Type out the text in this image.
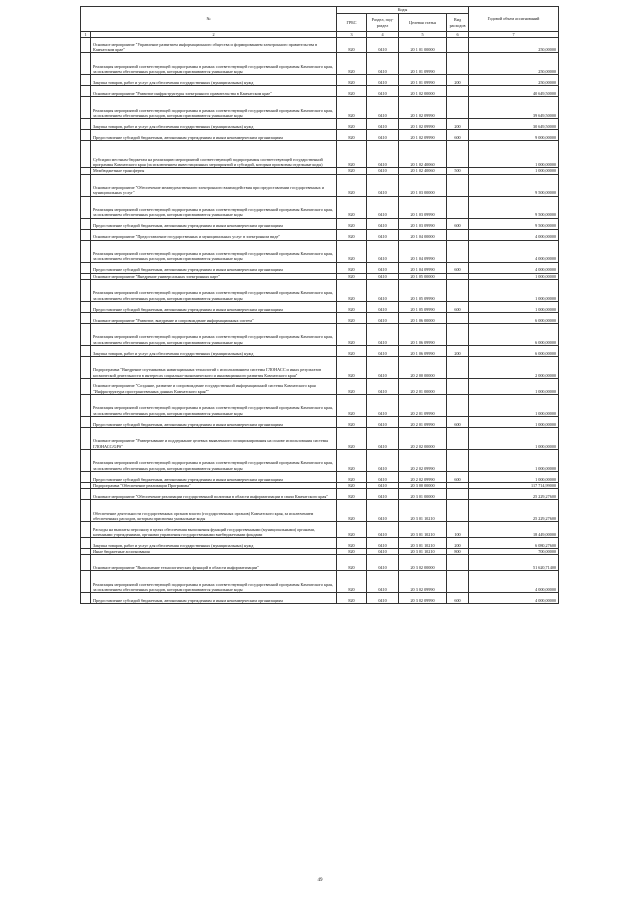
№		Коды				Годовой объем ассигнований
		ГРБС	Раздел, под-раздел	Целевая статья	Вид расходов	
1	2	3	4	5	6	7
	Основное мероприятие "Управление развитием информационного общества и формированием электронного правительства в Камчатском крае"	820	0410	20 1 01 00000		250,00000
	Реализация мероприятий соответствующей подпрограммы в рамках соответствующей государственной программы Камчатского края, за исключением обеспеченных расходов, которым присваиваются уникальные коды	820	0410	20 1 01 09990		250,00000
	Закупка товаров, работ и услуг для обеспечения государственных (муниципальных) нужд	820	0410	20 1 01 09990	200	250,00000
	Основное мероприятие "Развитие инфраструктуры электронного правительства в Камчатском крае"	820	0410	20 1 02 00000		40 649,50000
	Реализация мероприятий соответствующей подпрограммы в рамках соответствующей государственной программы Камчатского края, за исключением обеспеченных расходов, которым присваиваются уникальные коды	820	0410	20 1 02 09990		39 649,50000
	Закупка товаров, работ и услуг для обеспечения государственных (муниципальных) нужд	820	0410	20 1 02 09990	200	30 649,50000
	Предоставление субсидий бюджетным, автономным учреждениям и иным некоммерческим организациям	820	0410	20 1 02 09990	600	9 000,00000
	Субсидии местным бюджетам на реализацию мероприятий соответствующей подпрограммы соответствующей государственной программы Камчатского края (за исключением инвестиционных мероприятий и субсидий, которым присвоены отдельные коды)	820	0410	20 1 02 40060		1 000,00000
	Межбюджетные трансферты	820	0410	20 1 02 40060	500	1 000,00000
	Основное мероприятие "Обеспечение межведомственного электронного взаимодействия при предоставлении государственных и муниципальных услуг"	820	0410	20 1 03 00000		9 500,00000
	Реализация мероприятий соответствующей подпрограммы в рамках соответствующей государственной программы Камчатского края, за исключением обеспеченных расходов, которым присваиваются уникальные коды	820	0410	20 1 03 09990		9 500,00000
	Предоставление субсидий бюджетным, автономным учреждениям и иным некоммерческим организациям	820	0410	20 1 03 09990	600	9 500,00000
	Основное мероприятие "Предоставление государственных и муниципальных услуг в электронном виде"	820	0410	20 1 04 00000		4 000,00000
	Реализация мероприятий соответствующей подпрограммы в рамках соответствующей государственной программы Камчатского края, за исключением обеспеченных расходов, которым присваиваются уникальные коды	820	0410	20 1 04 09990		4 000,00000
	Предоставление субсидий бюджетным, автономным учреждениям и иным некоммерческим организациям	820	0410	20 1 04 09990	600	4 000,00000
	Основное мероприятие "Внедрение универсальных электронных карт"	820	0410	20 1 05 00000		1 000,00000
	Реализация мероприятий соответствующей подпрограммы в рамках соответствующей государственной программы Камчатского края, за исключением обеспеченных расходов, которым присваиваются уникальные коды	820	0410	20 1 05 09990		1 000,00000
	Предоставление субсидий бюджетным, автономным учреждениям и иным некоммерческим организациям	820	0410	20 1 05 09990	600	1 000,00000
	Основное мероприятие "Развитие, внедрение и сопровождение информационных систем"	820	0410	20 1 06 00000		6 000,00000
	Реализация мероприятий соответствующей подпрограммы в рамках соответствующей государственной программы Камчатского края, за исключением обеспеченных расходов, которым присваиваются уникальные коды	820	0410	20 1 06 09990		6 000,00000
	Закупка товаров, работ и услуг для обеспечения государственных (муниципальных) нужд	820	0410	20 1 06 09990	200	6 000,00000
	Подпрограмма "Внедрение спутниковых навигационных технологий с использованием системы ГЛОНАСС и иных результатов космической деятельности в интересах социально-экономического и инновационного развития Камчатского края"	820	0410	20 2 00 00000		2 000,00000
	Основное мероприятие "Создание, развитие и сопровождение государственной информационной системы Камчатского края "Инфраструктура пространственных данных Камчатского края""	820	0410	20 2 01 00000		1 000,00000
	Реализация мероприятий соответствующей подпрограммы в рамках соответствующей государственной программы Камчатского края, за исключением обеспеченных расходов, которым присваиваются уникальные коды	820	0410	20 2 01 09990		1 000,00000
	Предоставление субсидий бюджетным, автономным учреждениям и иным некоммерческим организациям	820	0410	20 2 01 09990	600	1 000,00000
	Основное мероприятие "Развертывание и поддержание целевых выявленного позиционирования на основе использования системы ГЛОНАСС/GPS"	820	0410	20 2 02 00000		1 000,00000
	Реализация мероприятий соответствующей подпрограммы в рамках соответствующей государственной программы Камчатского края, за исключением обеспеченных расходов, которым присваиваются уникальные коды	820	0410	20 2 02 09990		1 000,00000
	Предоставление субсидий бюджетным, автономным учреждениям и иным некоммерческим организациям	820	0410	20 2 02 09990	600	1 000,00000
	Подпрограмма "Обеспечение реализации Программы"	820	0410	20 3 00 00000		117 714,99000
	Основное мероприятие "Обеспечение реализации государственной политики в области информатизации в связи Камчатского края"	820	0410	20 3 01 00000		25 229,27600
	Обеспечение деятельности государственных органов власти (государственных органов) Камчатского края, за исключением обеспеченных расходов, которым присвоены уникальные коды	820	0410	20 3 01 10210		25 229,27600
	Расходы на выплаты персоналу в целях обеспечения выполнения функций государственными (муниципальными) органами, казенными учреждениями, органами управления государственными внебюджетными фондами	820	0410	20 3 01 10210	100	18 449,00000
	Закупка товаров, работ и услуг для обеспечения государственных (муниципальных) нужд	820	0410	20 3 01 10210	200	6 080,27600
	Иные бюджетные ассигнования	820	0410	20 3 01 10210	800	700,00000
	Основное мероприятие "Выполнение технологических функций в области информатизации"	820	0410	20 3 02 00000		51 620,71400
	Реализация мероприятий соответствующей подпрограммы в рамках соответствующей государственной программы Камчатского края, за исключением обеспеченных расходов, которым присваиваются уникальные коды	820	0410	20 3 02 09990		4 000,00000
	Предоставление субсидий бюджетным, автономным учреждениям и иным некоммерческим организациям	820	0410	20 3 02 09990	600	4 000,00000
49
